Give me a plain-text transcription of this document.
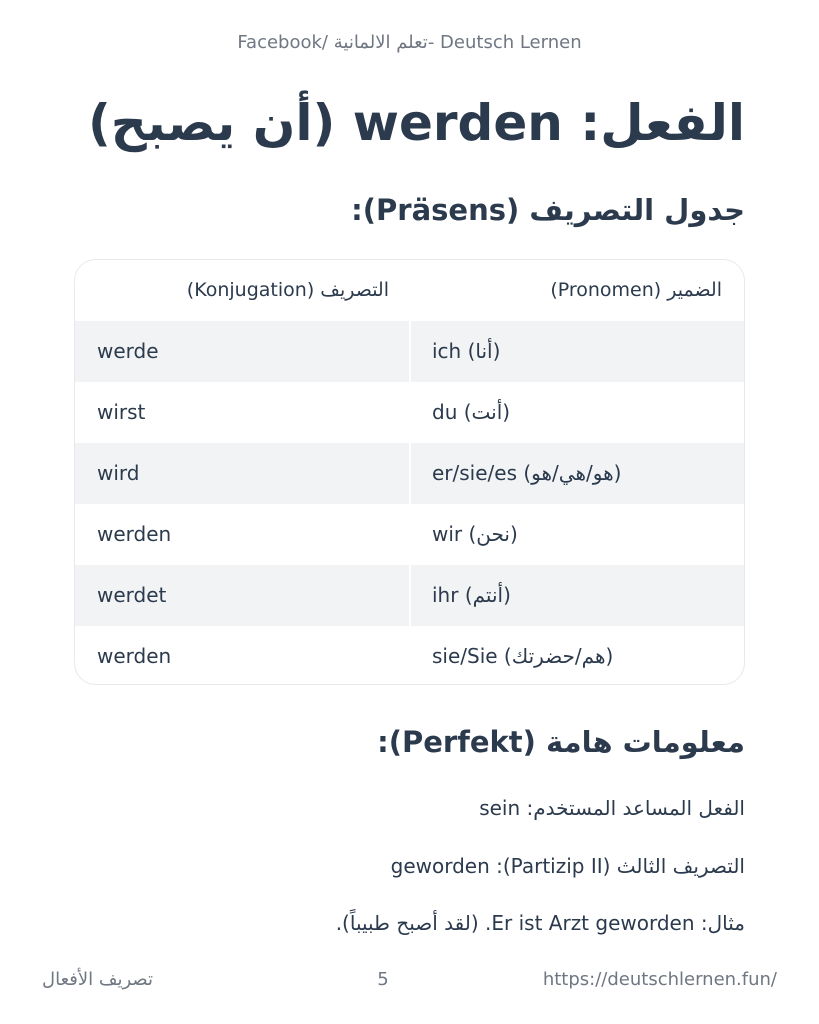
Facebook/ تعلم الالمانية- Deutsch Lernen
الفعل: werden (أن يصبح)
جدول التصريف (Präsens):
الضمير (Pronomen)
التصريف (Konjugation)
ich (أنا)
werde
du (أنت)
wirst
er/sie/es (هو/هي/هو)
wird
wir (نحن)
werden
ihr (أنتم)
werdet
sie/Sie (هم/حضرتك)
werden
معلومات هامة (Perfekt):
الفعل المساعد المستخدم: sein
التصريف الثالث (Partizip II): geworden
مثال: Er ist Arzt geworden. (لقد أصبح طبيباً).
تصريف الأفعال	5	https://deutschlernen.fun/
